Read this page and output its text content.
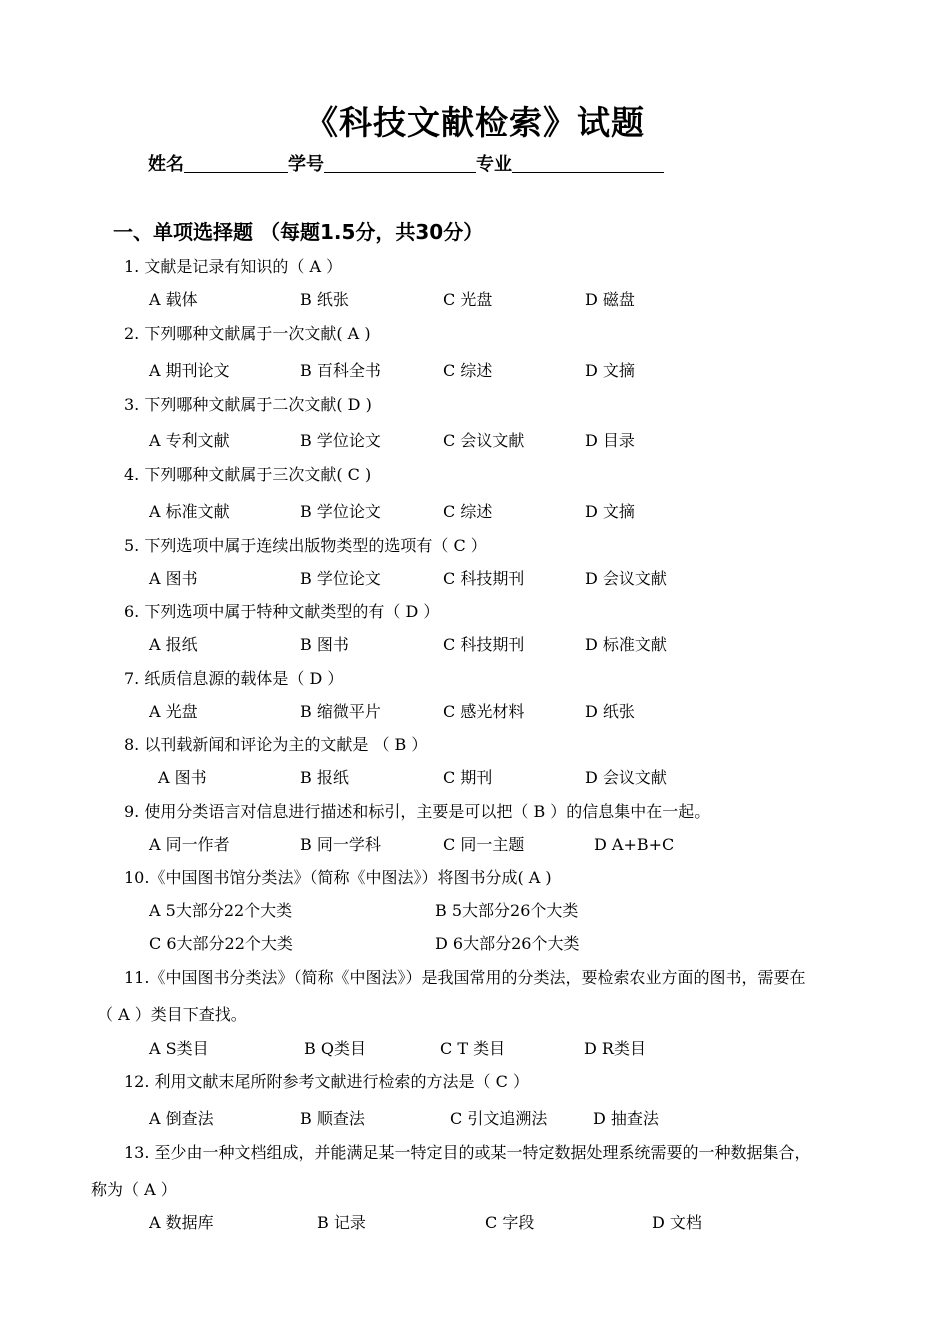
《科技文献检索》试题
姓名	学号	专业
一、单项选择题 （每题1.5分，共30分）
1. 文献是记录有知识的（ A ）
A 载体	B 纸张	C 光盘	D 磁盘
2. 下列哪种文献属于一次文献( A )
A 期刊论文	B 百科全书	C 综述	D 文摘
3. 下列哪种文献属于二次文献( D )
A 专利文献	B 学位论文	C 会议文献	D 目录
4. 下列哪种文献属于三次文献( C )
A 标准文献	B 学位论文	C 综述	D 文摘
5. 下列选项中属于连续出版物类型的选项有（ C ）
A 图书	B 学位论文	C 科技期刊	D 会议文献
6. 下列选项中属于特种文献类型的有（ D ）
A 报纸	B 图书	C 科技期刊	D 标准文献
7. 纸质信息源的载体是（ D ）
A 光盘	B 缩微平片	C 感光材料	D 纸张
8. 以刊载新闻和评论为主的文献是 （ B ）
A 图书	B 报纸	C 期刊	D 会议文献
9. 使用分类语言对信息进行描述和标引，主要是可以把（ B ）的信息集中在一起。
A 同一作者	B 同一学科	C 同一主题	D A+B+C
10.《中国图书馆分类法》（简称《中图法》）将图书分成( A )
A 5大部分22个大类	B 5大部分26个大类
C 6大部分22个大类	D 6大部分26个大类
11.《中国图书分类法》（简称《中图法》）是我国常用的分类法，要检索农业方面的图书，需要在
（ A ）类目下查找。
A S类目	B Q类目	C T 类目	D R类目
12. 利用文献末尾所附参考文献进行检索的方法是（ C ）
A 倒查法	B 顺查法	C 引文追溯法	D 抽查法
13. 至少由一种文档组成，并能满足某一特定目的或某一特定数据处理系统需要的一种数据集合，
称为（ A ）
A 数据库	B 记录	C 字段	D 文档
